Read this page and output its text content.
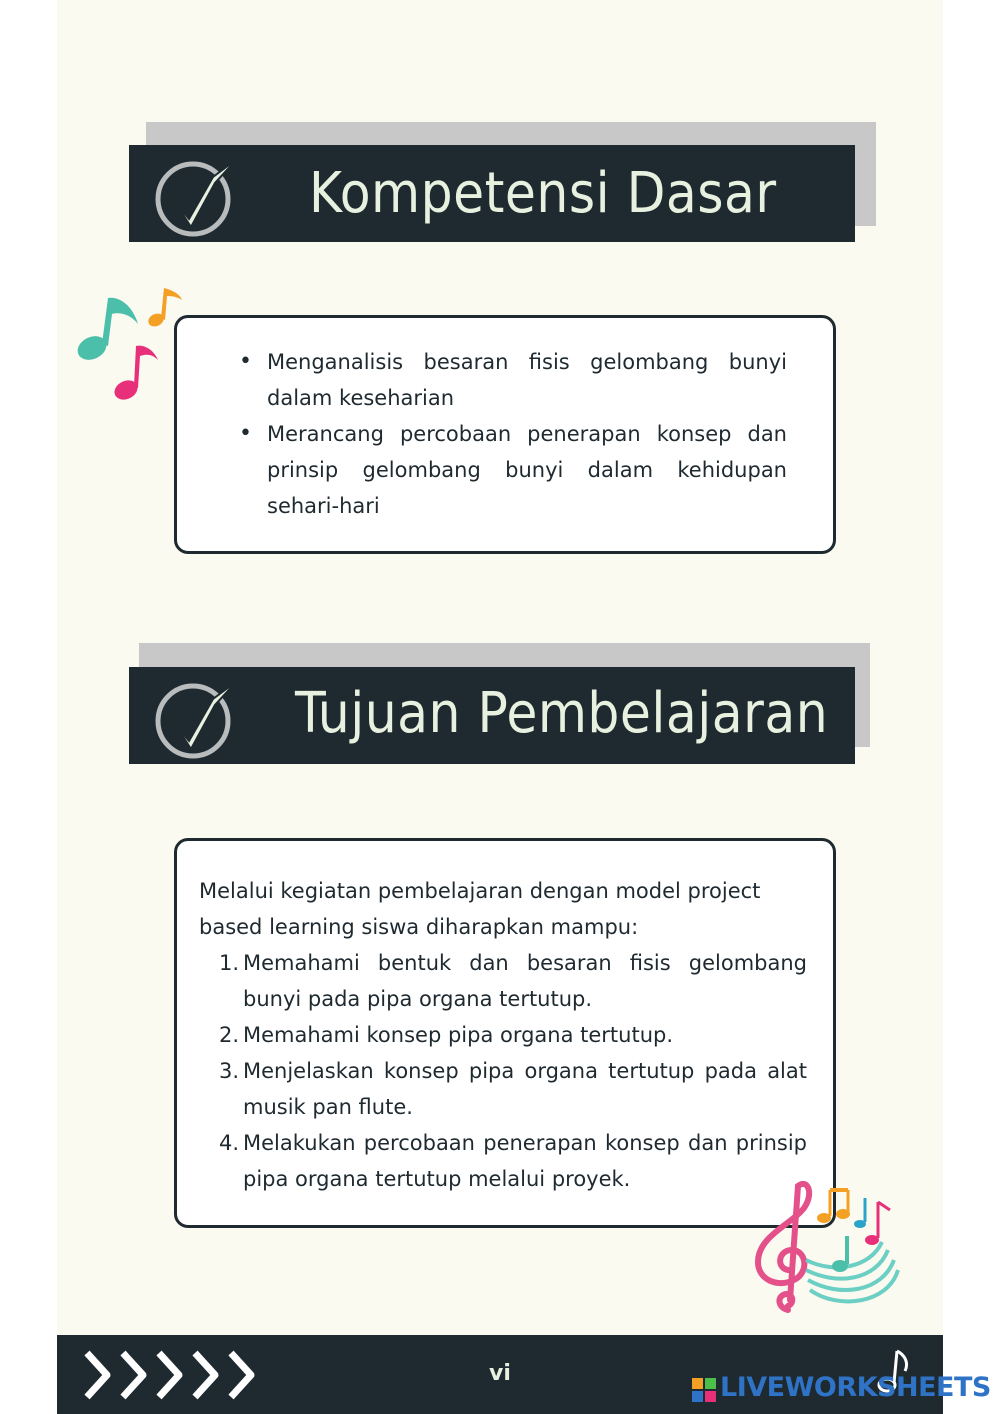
Kompetensi Dasar
• Menganalisis besaran fisis gelombang bunyi dalam keseharian
• Merancang percobaan penerapan konsep dan prinsip gelombang bunyi dalam kehidupan sehari-hari
Tujuan Pembelajaran

Melalui kegiatan pembelajaran dengan model project based learning siswa diharapkan mampu:

1. Memahami bentuk dan besaran fisis gelombang bunyi pada pipa organa tertutup.
2. Memahami konsep pipa organa tertutup.
3. Menjelaskan konsep pipa organa tertutup pada alat musik pan flute.
4. Melakukan percobaan penerapan konsep dan prinsip pipa organa tertutup melalui proyek.
vi	LIVEWORKSHEETS
